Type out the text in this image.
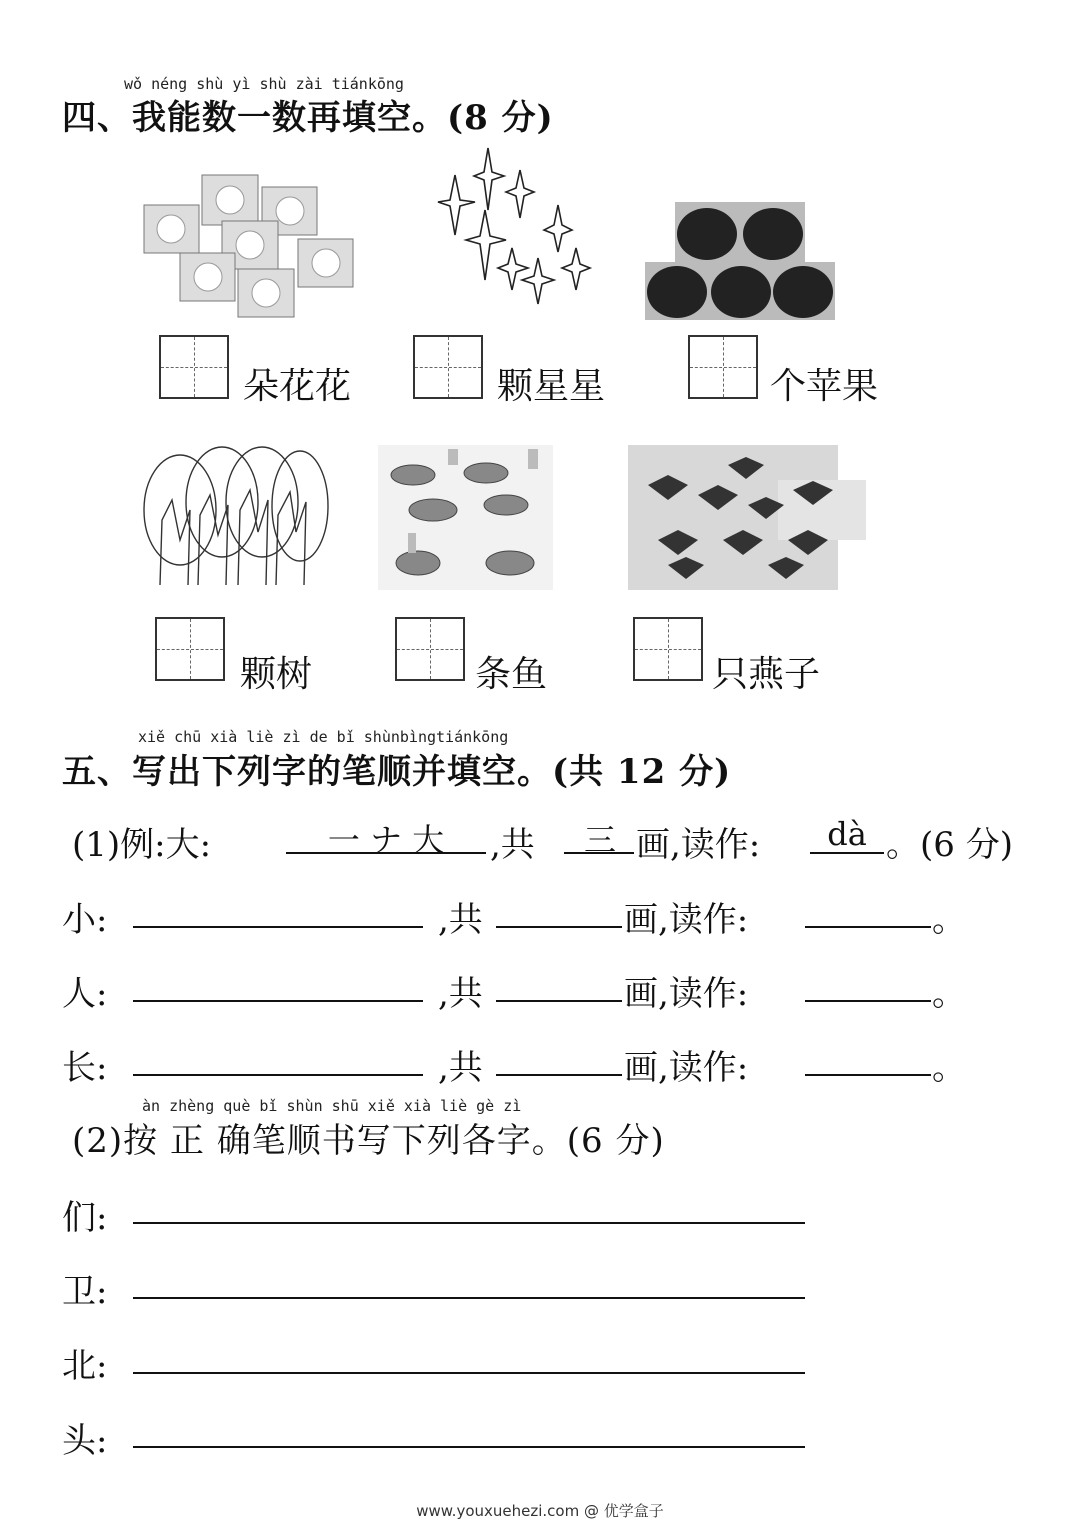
wǒ néng shù yì shù zài tiánkōng
四、我能数一数再填空。(8 分)
朵花花	颗星星	个苹果
颗树	条鱼	只燕子
xiě chū xià liè zì de bǐ shùnbìngtiánkōng
五、写出下列字的笔顺并填空。(共 12 分)
(1)例:大:	一 ナ 大	,共	三 画,读作:	dà 。(6 分)
小:	,共	画,读作:	。
人:	,共	画,读作:	。
长:	,共	画,读作:	。
àn zhèng què bǐ shùn shū xiě xià liè gè zì
(2)按 正 确笔顺书写下列各字。(6 分)
们:
卫:
北:
头:
www.youxuehezi.com @ 优学盒子
